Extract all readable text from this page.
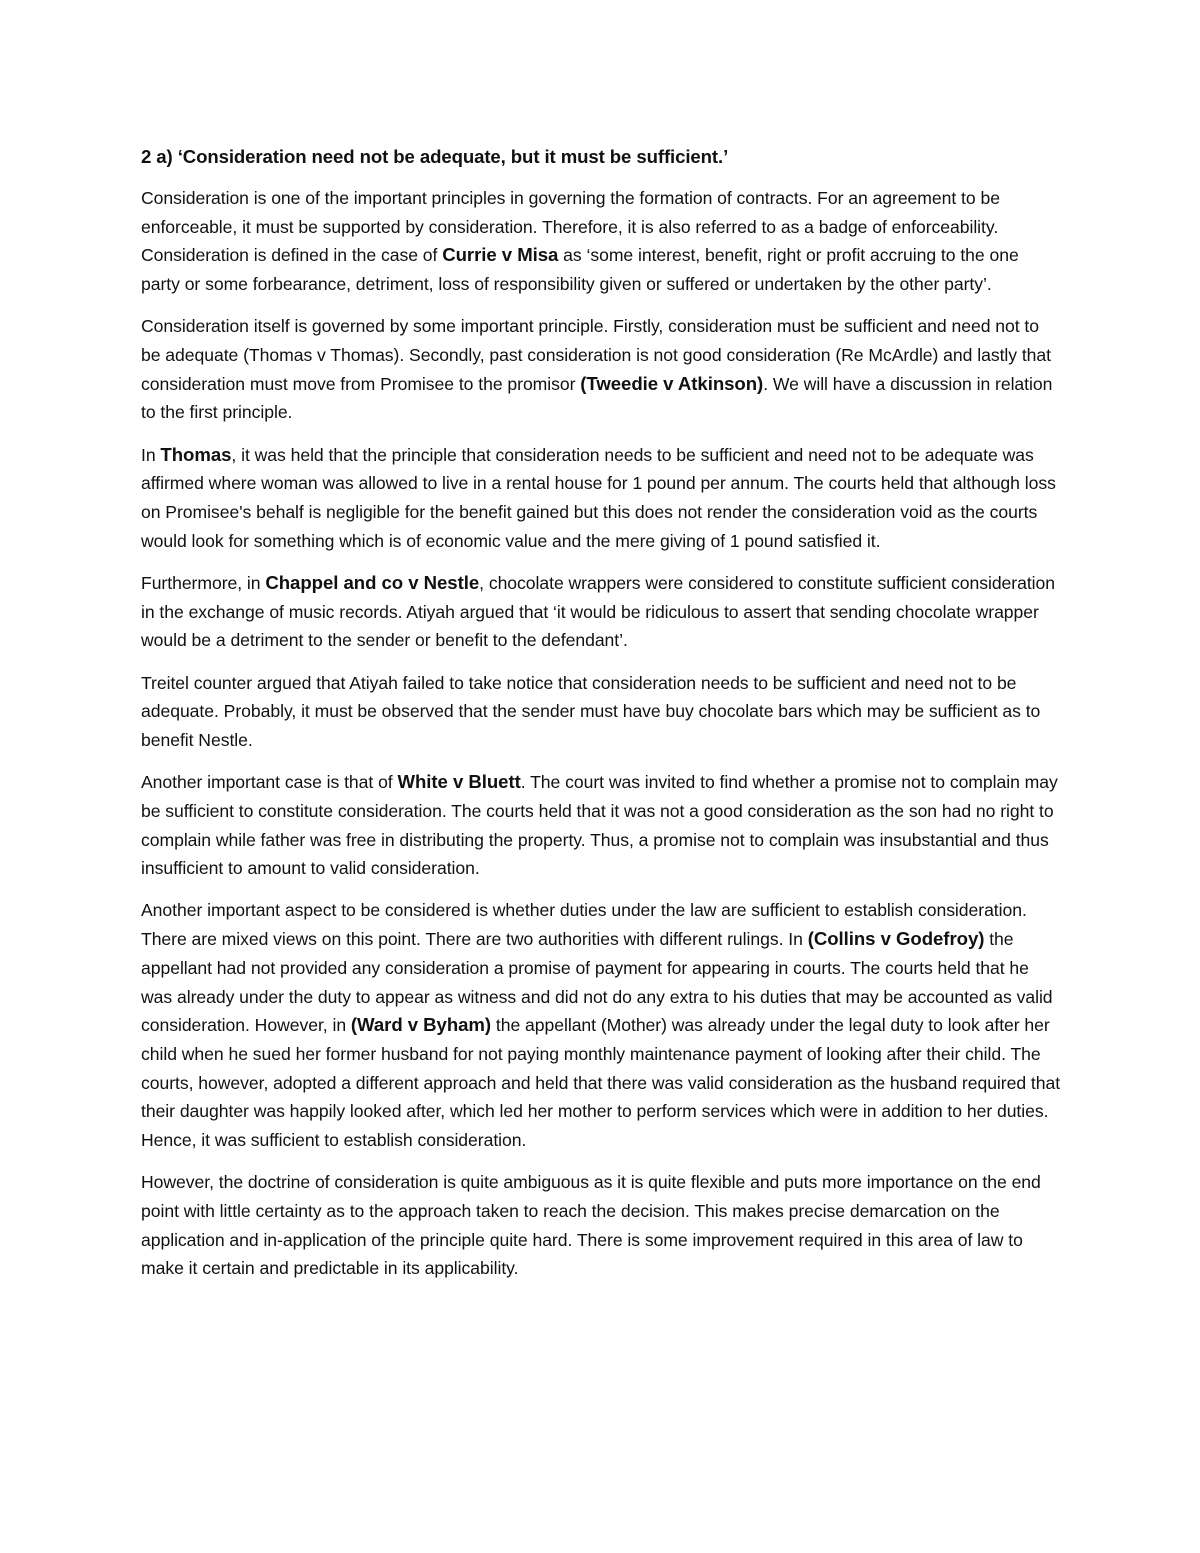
2 a) ‘Consideration need not be adequate, but it must be sufficient.’

Consideration is one of the important principles in governing the formation of contracts. For an agreement to be enforceable, it must be supported by consideration. Therefore, it is also referred to as a badge of enforceability. Consideration is defined in the case of Currie v Misa as ‘some interest, benefit, right or profit accruing to the one party or some forbearance, detriment, loss of responsibility given or suffered or undertaken by the other party’.

Consideration itself is governed by some important principle. Firstly, consideration must be sufficient and need not to be adequate (Thomas v Thomas). Secondly, past consideration is not good consideration (Re McArdle) and lastly that consideration must move from Promisee to the promisor (Tweedie v Atkinson). We will have a discussion in relation to the first principle.

In Thomas, it was held that the principle that consideration needs to be sufficient and need not to be adequate was affirmed where woman was allowed to live in a rental house for 1 pound per annum. The courts held that although loss on Promisee's behalf is negligible for the benefit gained but this does not render the consideration void as the courts would look for something which is of economic value and the mere giving of 1 pound satisfied it.

Furthermore, in Chappel and co v Nestle, chocolate wrappers were considered to constitute sufficient consideration in the exchange of music records. Atiyah argued that ‘it would be ridiculous to assert that sending chocolate wrapper would be a detriment to the sender or benefit to the defendant’.

Treitel counter argued that Atiyah failed to take notice that consideration needs to be sufficient and need not to be adequate. Probably, it must be observed that the sender must have buy chocolate bars which may be sufficient as to benefit Nestle.

Another important case is that of White v Bluett. The court was invited to find whether a promise not to complain may be sufficient to constitute consideration. The courts held that it was not a good consideration as the son had no right to complain while father was free in distributing the property. Thus, a promise not to complain was insubstantial and thus insufficient to amount to valid consideration.

Another important aspect to be considered is whether duties under the law are sufficient to establish consideration. There are mixed views on this point. There are two authorities with different rulings. In (Collins v Godefroy) the appellant had not provided any consideration a promise of payment for appearing in courts. The courts held that he was already under the duty to appear as witness and did not do any extra to his duties that may be accounted as valid consideration. However, in (Ward v Byham) the appellant (Mother) was already under the legal duty to look after her child when he sued her former husband for not paying monthly maintenance payment of looking after their child. The courts, however, adopted a different approach and held that there was valid consideration as the husband required that their daughter was happily looked after, which led her mother to perform services which were in addition to her duties. Hence, it was sufficient to establish consideration.

However, the doctrine of consideration is quite ambiguous as it is quite flexible and puts more importance on the end point with little certainty as to the approach taken to reach the decision. This makes precise demarcation on the application and in-application of the principle quite hard. There is some improvement required in this area of law to make it certain and predictable in its applicability.
